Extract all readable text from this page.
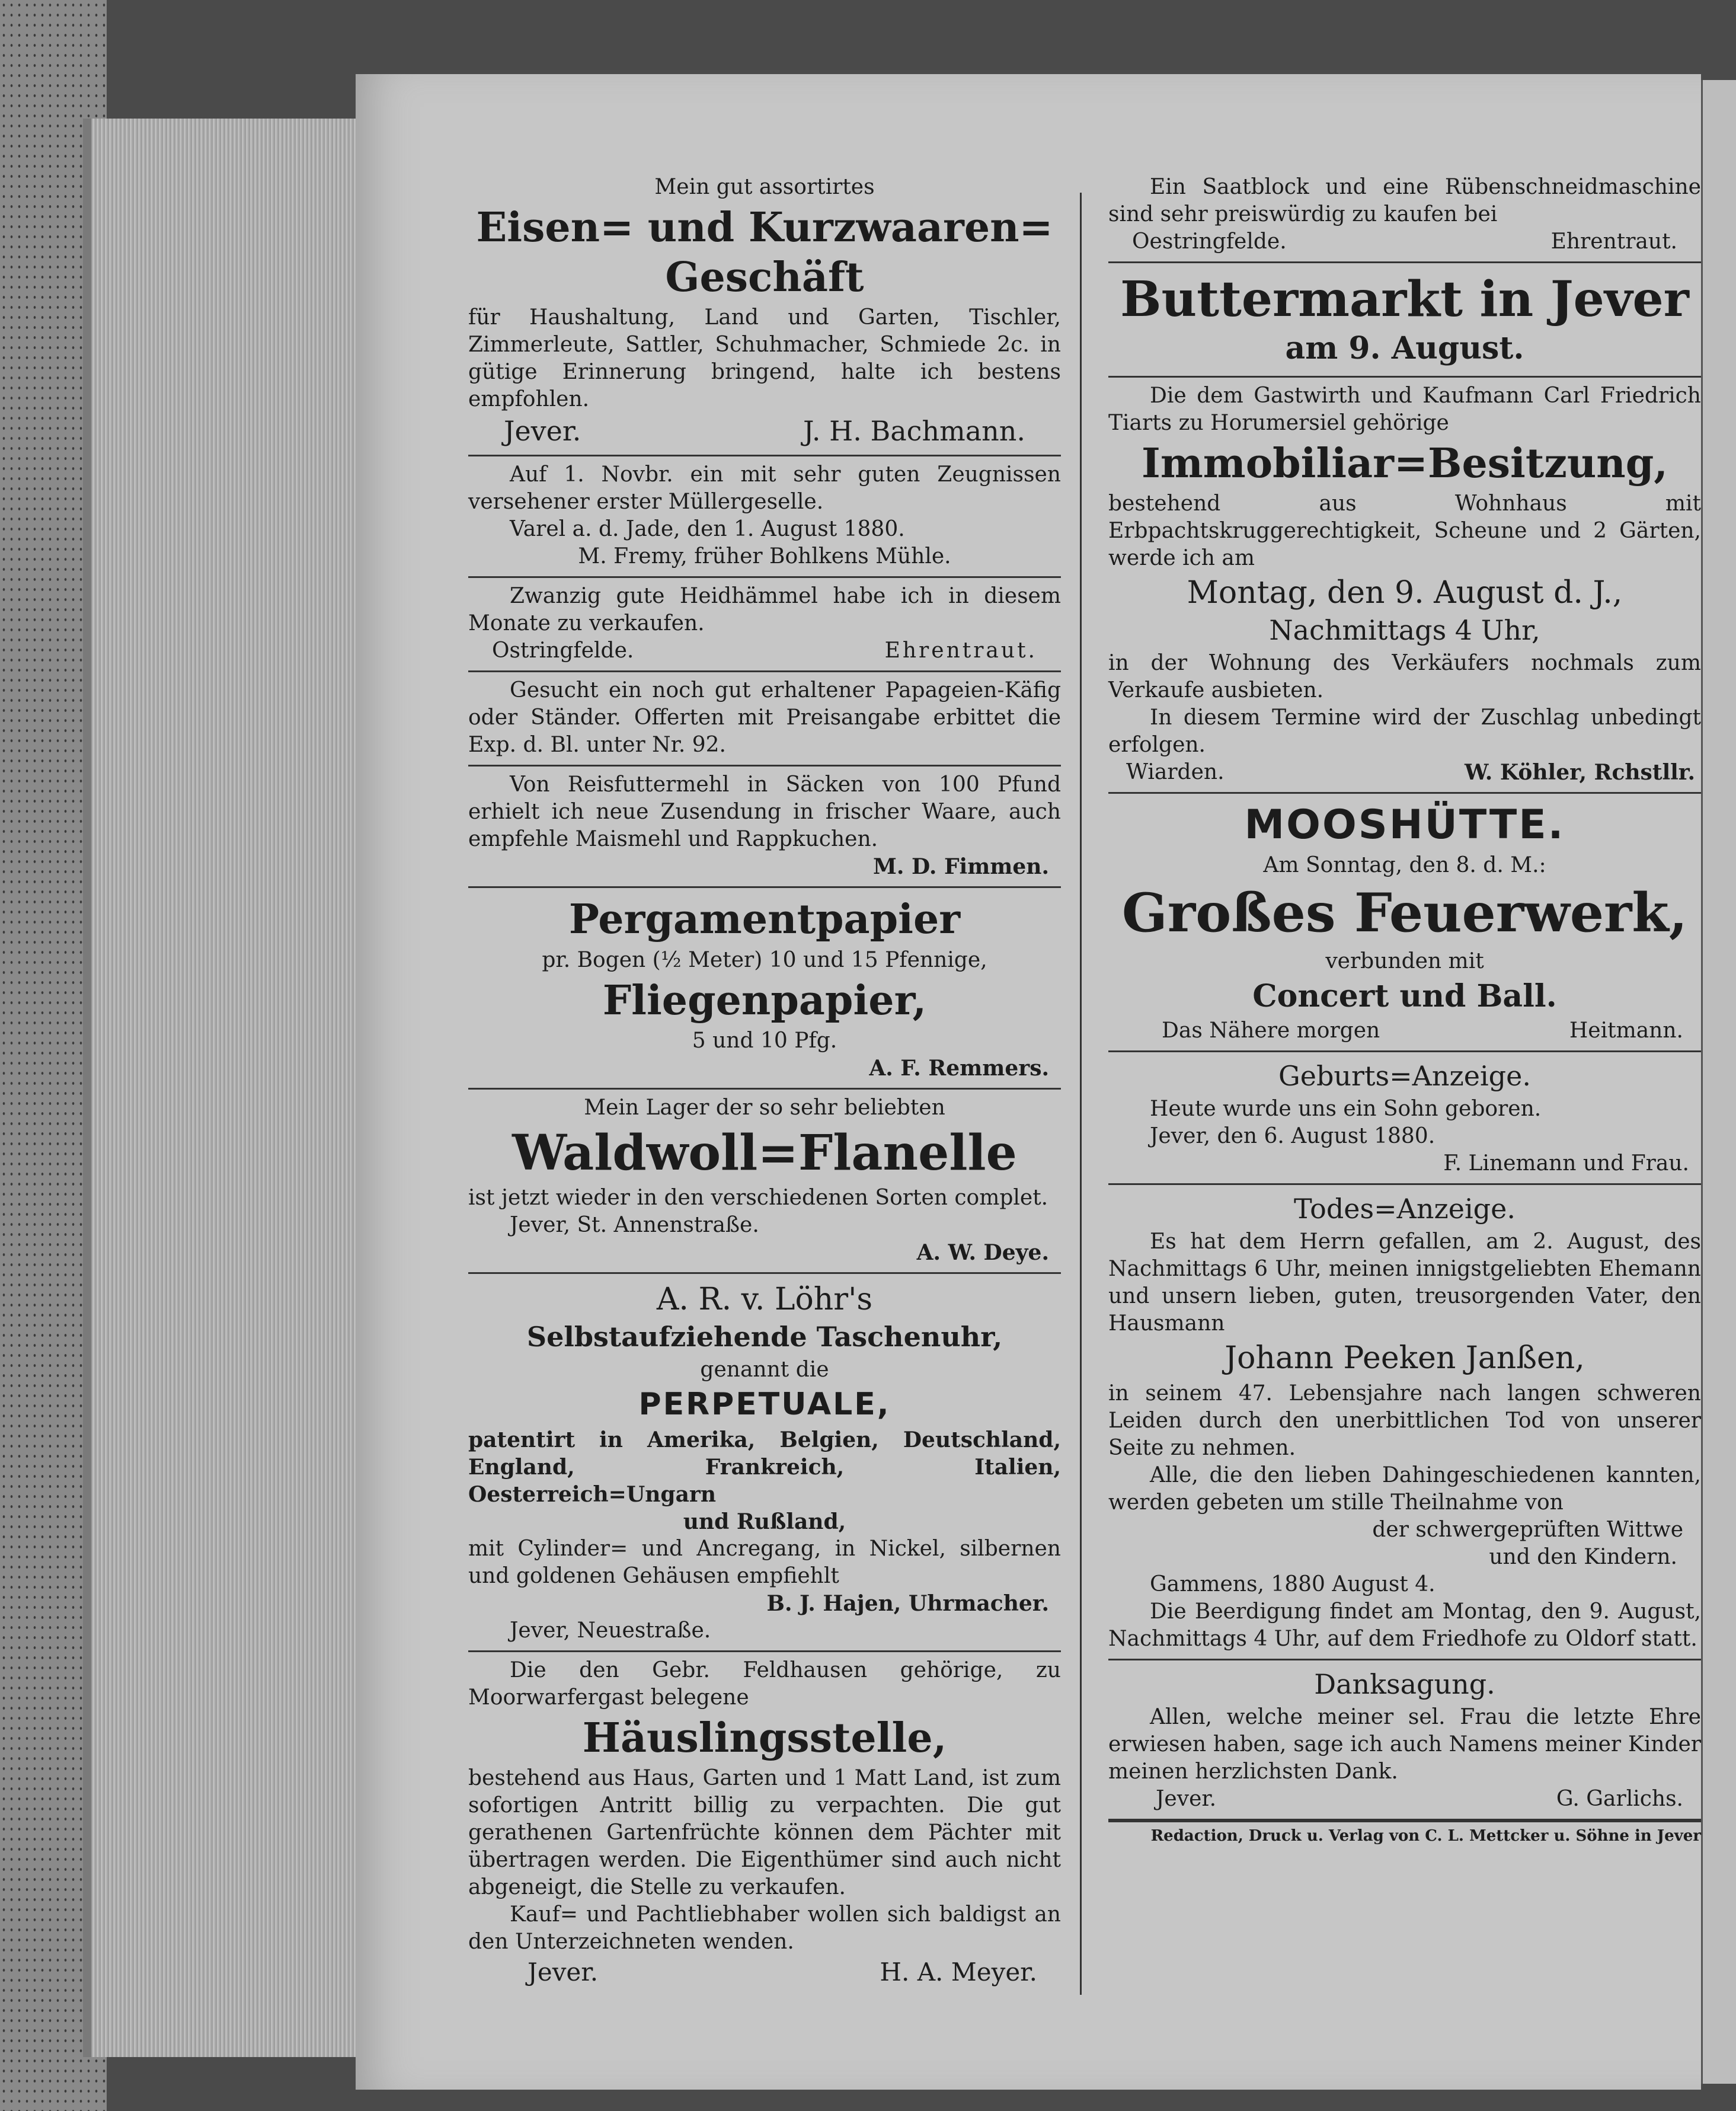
Mein gut assortirtes

Eisen= und Kurzwaaren=

Geschäft

für Haushaltung, Land und Garten, Tischler, Zimmerleute, Sattler, Schuhmacher, Schmiede 2c. in gütige Erinnerung bringend, halte ich bestens empfohlen.

Jever.	J. H. Bachmann.

Auf 1. Novbr. ein mit sehr guten Zeugnissen versehener erster Müllergeselle.

Varel a. d. Jade, den 1. August 1880.

M. Fremy, früher Bohlkens Mühle.

Zwanzig gute Heidhämmel habe ich in diesem Monate zu verkaufen.

Ostringfelde.	Ehrentraut.

Gesucht ein noch gut erhaltener Papageien-Käfig oder Ständer. Offerten mit Preisangabe erbittet die Exp. d. Bl. unter Nr. 92.

Von Reisfuttermehl in Säcken von 100 Pfund erhielt ich neue Zusendung in frischer Waare, auch empfehle Maismehl und Rappkuchen.

M. D. Fimmen.

Pergamentpapier

pr. Bogen (½ Meter) 10 und 15 Pfennige,

Fliegenpapier,

5 und 10 Pfg.

A. F. Remmers.

Mein Lager der so sehr beliebten

Waldwoll=Flanelle

ist jetzt wieder in den verschiedenen Sorten complet.

Jever, St. Annenstraße.

A. W. Deye.

A. R. v. Löhr's

Selbstaufziehende Taschenuhr,

genannt die

PERPETUALE,

patentirt in Amerika, Belgien, Deutschland, England, Frankreich, Italien, Oesterreich=Ungarn

und Rußland,

mit Cylinder= und Ancregang, in Nickel, silbernen und goldenen Gehäusen empfiehlt

B. J. Hajen, Uhrmacher.

Jever, Neuestraße.

Die den Gebr. Feldhausen gehörige, zu Moorwarfergast belegene

Häuslingsstelle,

bestehend aus Haus, Garten und 1 Matt Land, ist zum sofortigen Antritt billig zu verpachten. Die gut gerathenen Gartenfrüchte können dem Pächter mit übertragen werden. Die Eigenthümer sind auch nicht abgeneigt, die Stelle zu verkaufen.

Kauf= und Pachtliebhaber wollen sich baldigst an den Unterzeichneten wenden.

Jever.	H. A. Meyer.

Ein Saatblock und eine Rübenschneidmaschine sind sehr preiswürdig zu kaufen bei

Oestringfelde.	Ehrentraut.

Buttermarkt in Jever

am 9. August.

Die dem Gastwirth und Kaufmann Carl Friedrich Tiarts zu Horumersiel gehörige

Immobiliar=Besitzung,

bestehend aus Wohnhaus mit Erbpachtskruggerechtigkeit, Scheune und 2 Gärten, werde ich am

Montag, den 9. August d. J.,

Nachmittags 4 Uhr,

in der Wohnung des Verkäufers nochmals zum Verkaufe ausbieten.

In diesem Termine wird der Zuschlag unbedingt erfolgen.

Wiarden.	W. Köhler, Rchstllr.

MOOSHÜTTE.

Am Sonntag, den 8. d. M.:

Großes Feuerwerk,

verbunden mit

Concert und Ball.

Das Nähere morgen	Heitmann.

Geburts=Anzeige.

Heute wurde uns ein Sohn geboren.

Jever, den 6. August 1880.

F. Linemann und Frau.

Todes=Anzeige.

Es hat dem Herrn gefallen, am 2. August, des Nachmittags 6 Uhr, meinen innigstgeliebten Ehemann und unsern lieben, guten, treusorgenden Vater, den Hausmann

Johann Peeken Janßen,

in seinem 47. Lebensjahre nach langen schweren Leiden durch den unerbittlichen Tod von unserer Seite zu nehmen.

Alle, die den lieben Dahingeschiedenen kannten, werden gebeten um stille Theilnahme von

der schwergeprüften Wittwe

und den Kindern.

Gammens, 1880 August 4.

Die Beerdigung findet am Montag, den 9. August, Nachmittags 4 Uhr, auf dem Friedhofe zu Oldorf statt.

Danksagung.

Allen, welche meiner sel. Frau die letzte Ehre erwiesen haben, sage ich auch Namens meiner Kinder meinen herzlichsten Dank.

Jever.	G. Garlichs.
Redaction, Druck u. Verlag von C. L. Mettcker u. Söhne in Jever
